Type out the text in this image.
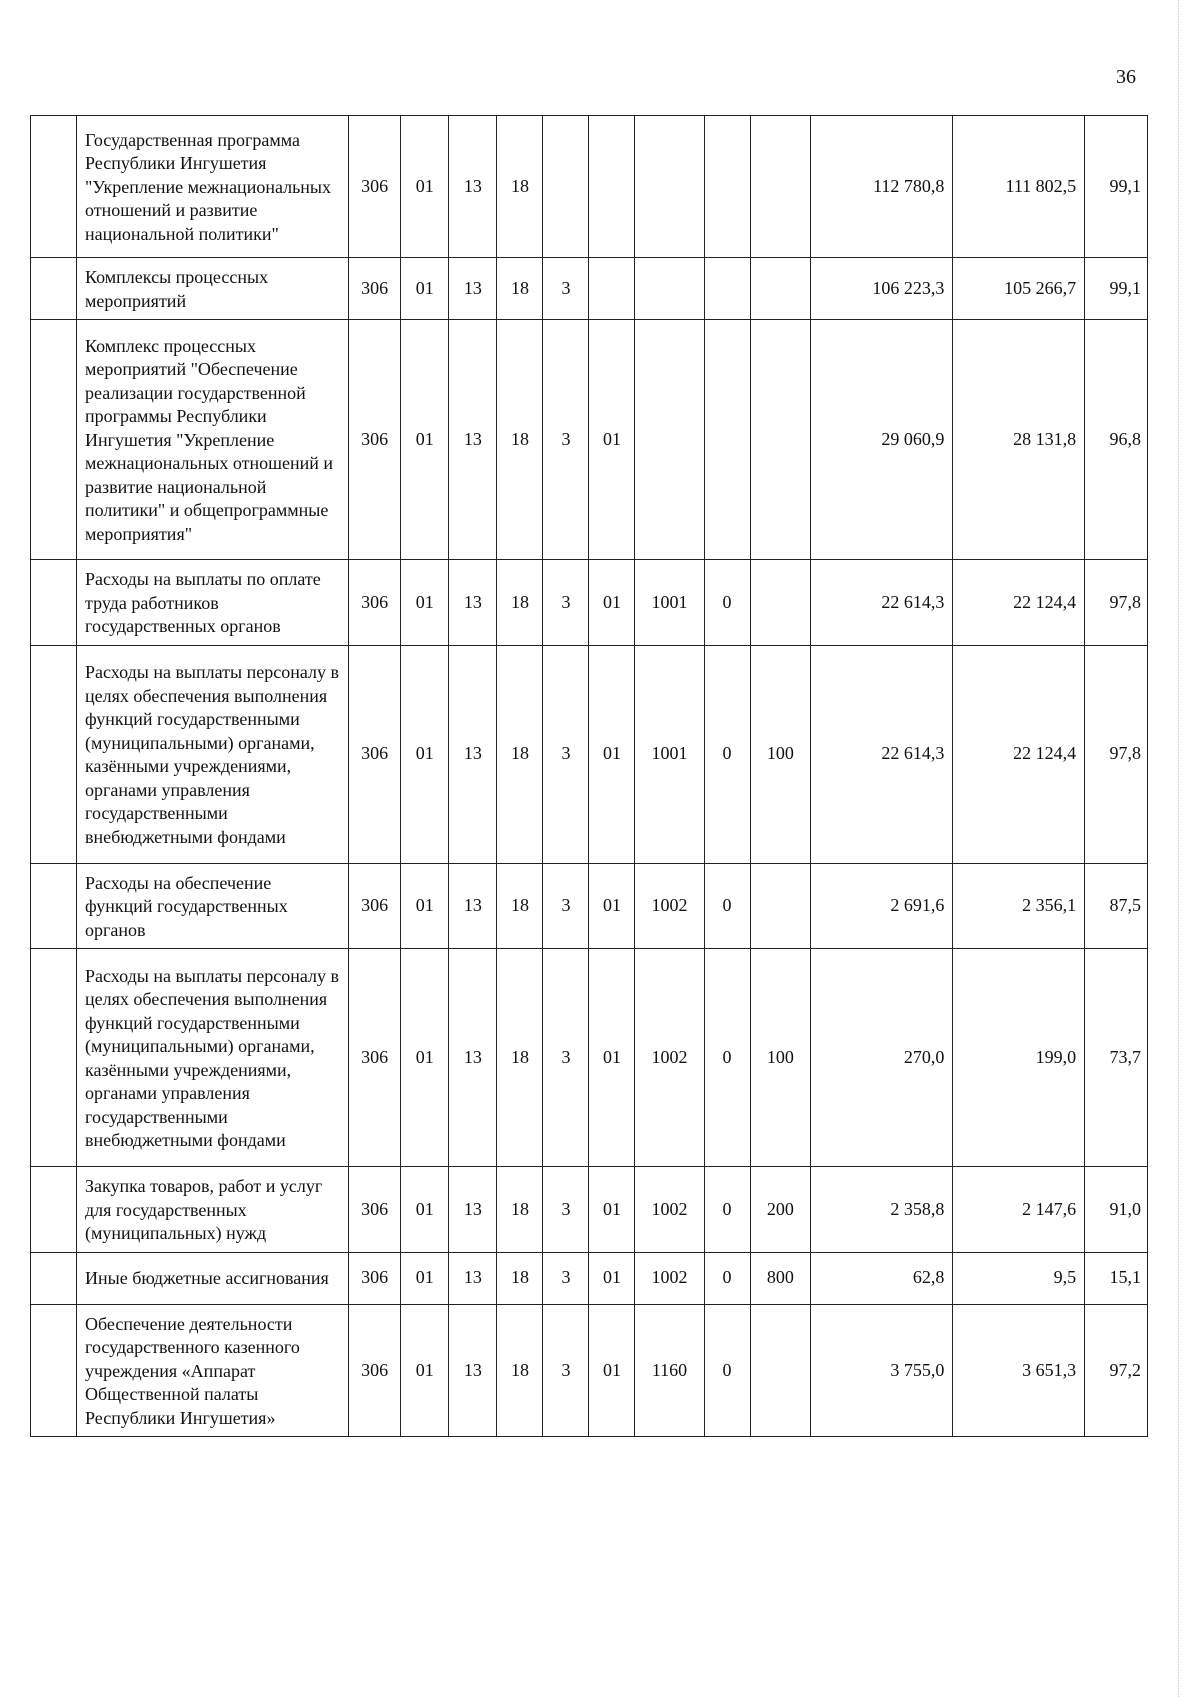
36
	Государственная программа Республики Ингушетия "Укрепление межнациональных отношений и развитие национальной политики"	306	01	13	18						112 780,8	111 802,5	99,1
	Комплексы процессных мероприятий	306	01	13	18	3					106 223,3	105 266,7	99,1
	Комплекс процессных мероприятий "Обеспечение реализации государственной программы Республики Ингушетия "Укрепление межнациональных отношений и развитие национальной политики" и общепрограммные мероприятия"	306	01	13	18	3	01				29 060,9	28 131,8	96,8
	Расходы на выплаты по оплате труда работников государственных органов	306	01	13	18	3	01	1001	0		22 614,3	22 124,4	97,8
	Расходы на выплаты персоналу в целях обеспечения выполнения функций государственными (муниципальными) органами, казёнными учреждениями, органами управления государственными внебюджетными фондами	306	01	13	18	3	01	1001	0	100	22 614,3	22 124,4	97,8
	Расходы на обеспечение функций государственных органов	306	01	13	18	3	01	1002	0		2 691,6	2 356,1	87,5
	Расходы на выплаты персоналу в целях обеспечения выполнения функций государственными (муниципальными) органами, казёнными учреждениями, органами управления государственными внебюджетными фондами	306	01	13	18	3	01	1002	0	100	270,0	199,0	73,7
	Закупка товаров, работ и услуг для государственных (муниципальных) нужд	306	01	13	18	3	01	1002	0	200	2 358,8	2 147,6	91,0
	Иные бюджетные ассигнования	306	01	13	18	3	01	1002	0	800	62,8	9,5	15,1
	Обеспечение деятельности государственного казенного учреждения «Аппарат Общественной палаты Республики Ингушетия»	306	01	13	18	3	01	1160	0		3 755,0	3 651,3	97,2
